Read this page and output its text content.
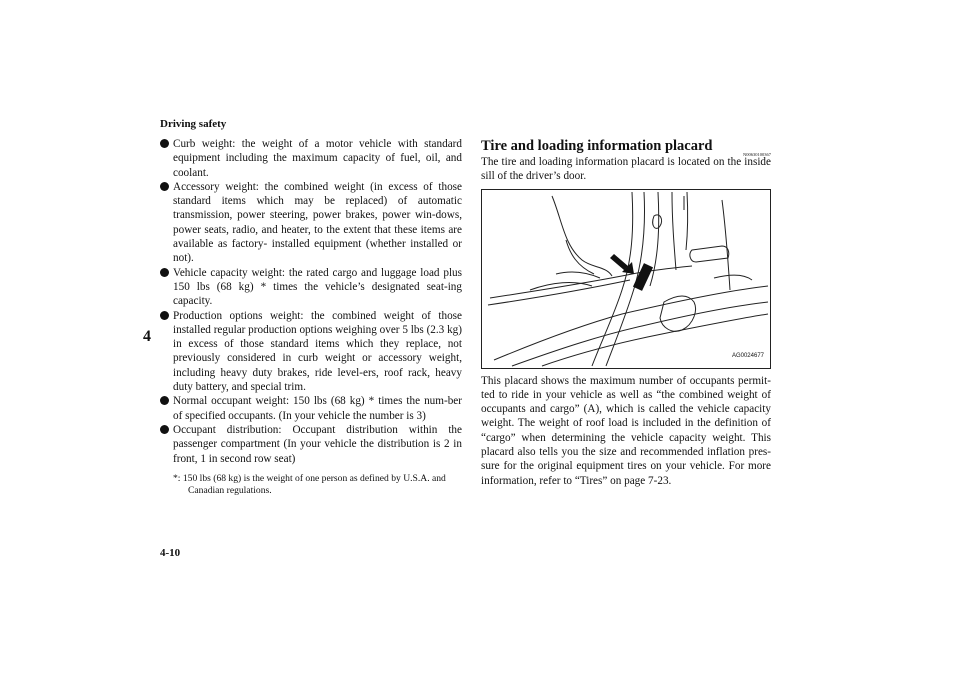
Driving safety
4
4-10
Curb weight: the weight of a motor vehicle with standard equipment including the maximum capacity of fuel, oil, and coolant.
Accessory weight: the combined weight (in excess of those standard items which may be replaced) of automatic transmission, power steering, power brakes, power win-dows, power seats, radio, and heater, to the extent that these items are available as factory- installed equipment (whether installed or not).
Vehicle capacity weight: the rated cargo and luggage load plus 150 lbs (68 kg) * times the vehicle’s designated seat-ing capacity.
Production options weight: the combined weight of those installed regular production options weighing over 5 lbs (2.3 kg) in excess of those standard items which they replace, not previously considered in curb weight or accessory weight, including heavy duty brakes, ride level-ers, roof rack, heavy duty battery, and special trim.
Normal occupant weight: 150 lbs (68 kg) * times the num-ber of specified occupants. (In your vehicle the number is 3)
Occupant distribution: Occupant distribution within the passenger compartment (In your vehicle the distribution is 2 in front, 1 in second row seat)
*: 150 lbs (68 kg) is the weight of one person as defined by U.S.A. and Canadian regulations.
Tire and loading information placard
N00630100367

The tire and loading information placard is located on the inside sill of the driver’s door.

AG0024677

This placard shows the maximum number of occupants permit-ted to ride in your vehicle as well as “the combined weight of occupants and cargo” (A), which is called the vehicle capacity weight. The weight of roof load is included in the definition of “cargo” when determining the vehicle capacity weight. This placard also tells you the size and recommended inflation pres-sure for the original equipment tires on your vehicle. For more information, refer to “Tires” on page 7-23.
